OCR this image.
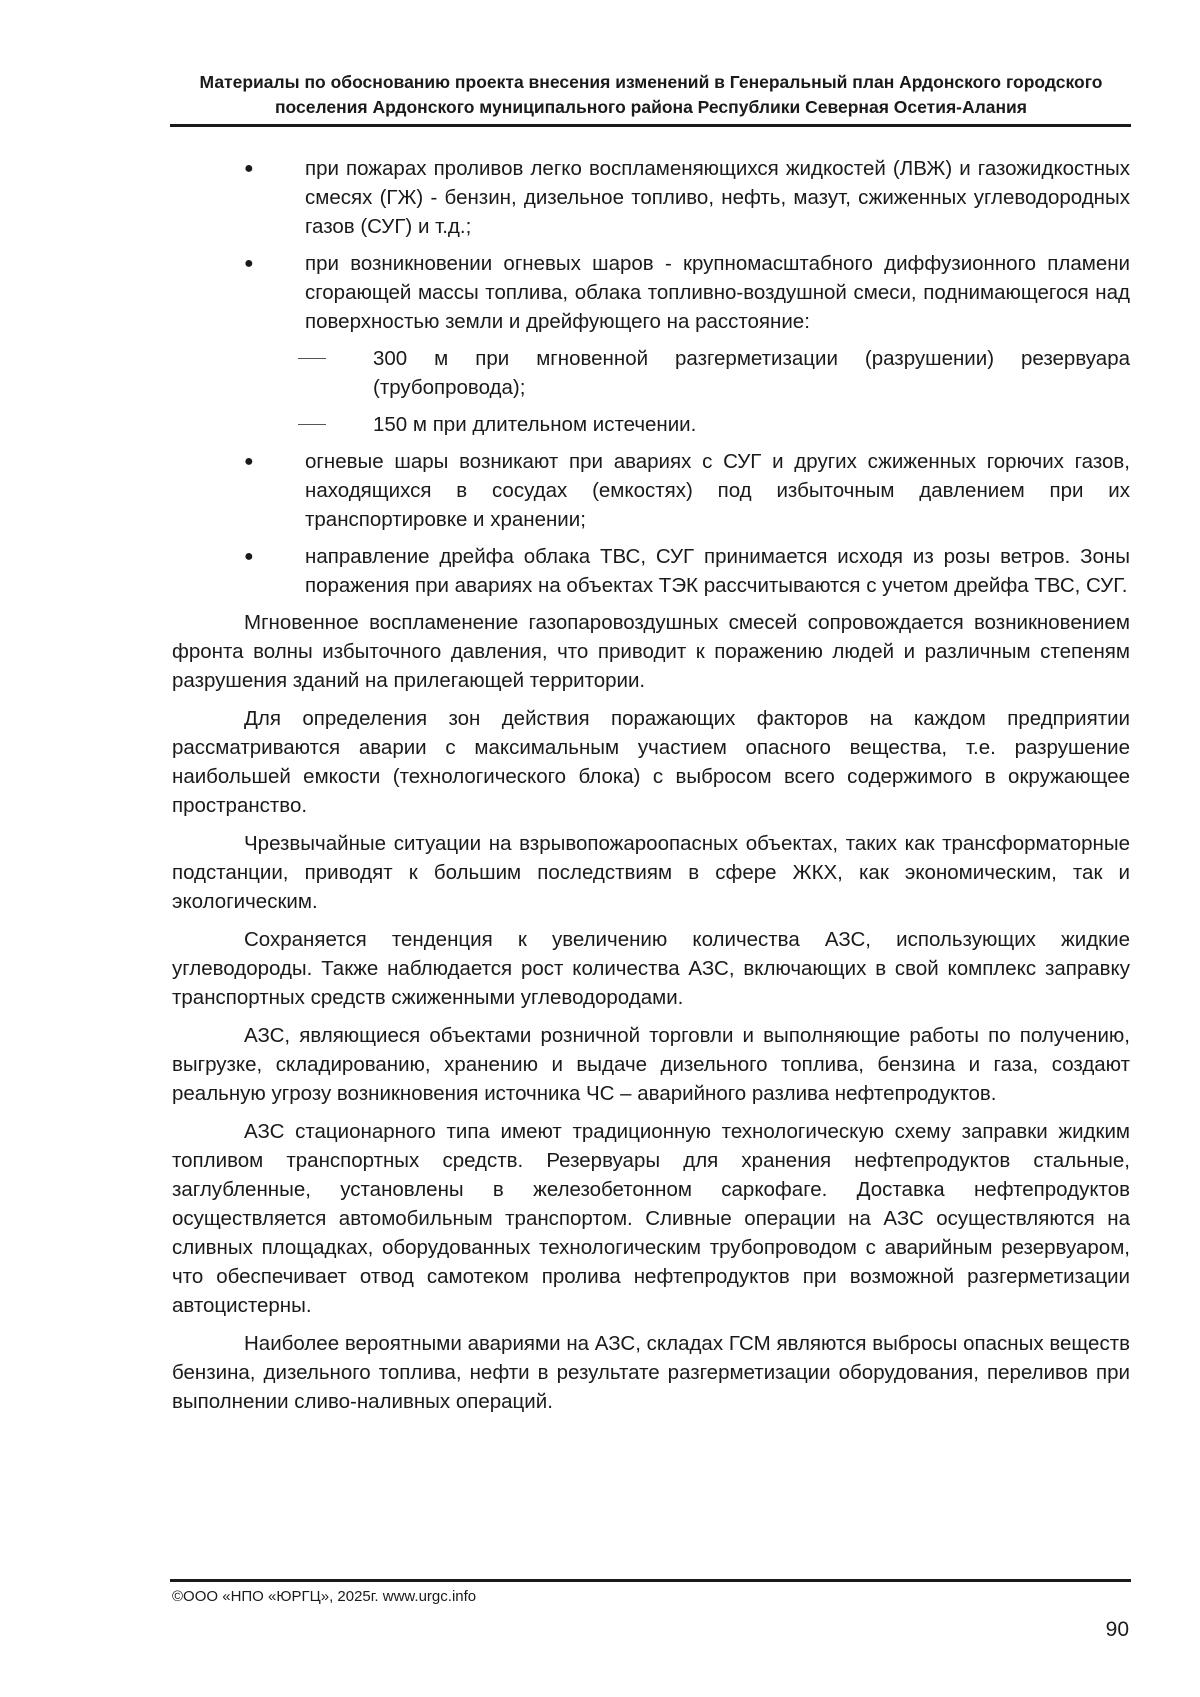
Материалы по обоснованию проекта внесения изменений в Генеральный план Ардонского городского
поселения Ардонского муниципального района Республики Северная Осетия-Алания
●	при пожарах проливов легко воспламеняющихся жидкостей (ЛВЖ) и газожидкостных смесях (ГЖ) - бензин, дизельное топливо, нефть, мазут, сжиженных углеводородных газов (СУГ) и т.д.;
●	при возникновении огневых шаров - крупномасштабного диффузионного пламени сгорающей массы топлива, облака топливно-воздушной смеси, поднимающегося над поверхностью земли и дрейфующего на расстояние:
300 м при мгновенной разгерметизации (разрушении) резервуара (трубопровода);
150 м при длительном истечении.
●	огневые шары возникают при авариях с СУГ и других сжиженных горючих газов, находящихся в сосудах (емкостях) под избыточным давлением при их транспортировке и хранении;
●	направление дрейфа облака ТВС, СУГ принимается исходя из розы ветров. Зоны поражения при авариях на объектах ТЭК рассчитываются с учетом дрейфа ТВС, СУГ.

Мгновенное воспламенение газопаровоздушных смесей сопровождается возникновением фронта волны избыточного давления, что приводит к поражению людей и различным степеням разрушения зданий на прилегающей территории.

Для определения зон действия поражающих факторов на каждом предприятии рассматриваются аварии с максимальным участием опасного вещества, т.е. разрушение наибольшей емкости (технологического блока) с выбросом всего содержимого в окружающее пространство.

Чрезвычайные ситуации на взрывопожароопасных объектах, таких как трансформаторные подстанции, приводят к большим последствиям в сфере ЖКХ, как экономическим, так и экологическим.

Сохраняется тенденция к увеличению количества АЗС, использующих жидкие углеводороды. Также наблюдается рост количества АЗС, включающих в свой комплекс заправку транспортных средств сжиженными углеводородами.

АЗС, являющиеся объектами розничной торговли и выполняющие работы по получению, выгрузке, складированию, хранению и выдаче дизельного топлива, бензина и газа, создают реальную угрозу возникновения источника ЧС – аварийного разлива нефтепродуктов.

АЗС стационарного типа имеют традиционную технологическую схему заправки жидким топливом транспортных средств. Резервуары для хранения нефтепродуктов стальные, заглубленные, установлены в железобетонном саркофаге. Доставка нефтепродуктов осуществляется автомобильным транспортом. Сливные операции на АЗС осуществляются на сливных площадках, оборудованных технологическим трубопроводом с аварийным резервуаром, что обеспечивает отвод самотеком пролива нефтепродуктов при возможной разгерметизации автоцистерны.

Наиболее вероятными авариями на АЗС, складах ГСМ являются выбросы опасных веществ бензина, дизельного топлива, нефти в результате разгерметизации оборудования, переливов при выполнении сливо-наливных операций.

©ООО «НПО «ЮРГЦ», 2025г. www.urgc.info
90
